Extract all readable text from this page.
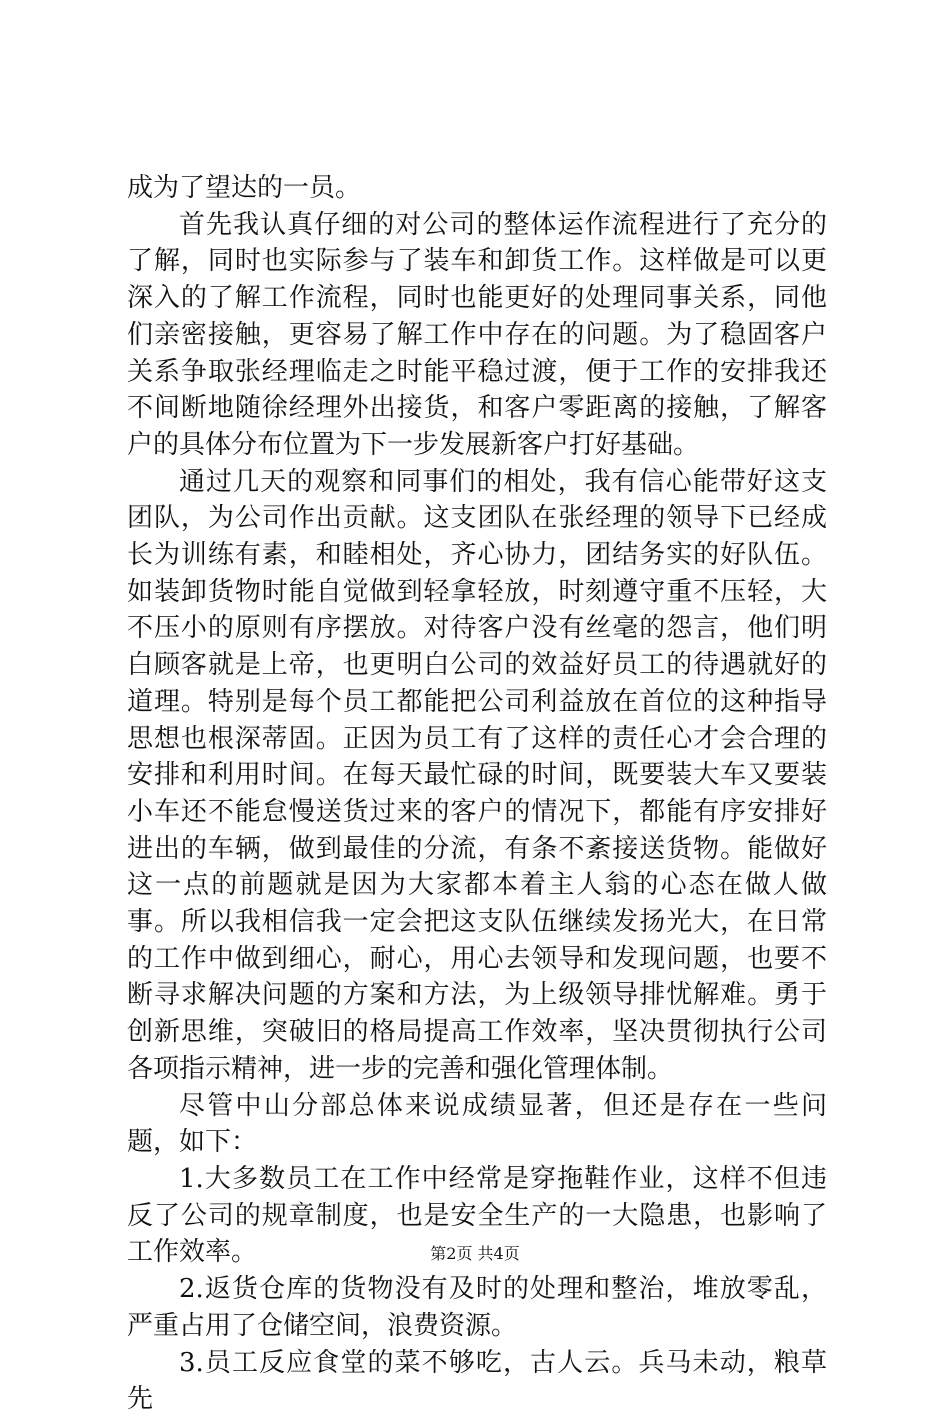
成为了望达的一员。

首先我认真仔细的对公司的整体运作流程进行了充分的了解，同时也实际参与了装车和卸货工作。这样做是可以更深入的了解工作流程，同时也能更好的处理同事关系，同他们亲密接触，更容易了解工作中存在的问题。为了稳固客户关系争取张经理临走之时能平稳过渡，便于工作的安排我还不间断地随徐经理外出接货，和客户零距离的接触，了解客户的具体分布位置为下一步发展新客户打好基础。

通过几天的观察和同事们的相处，我有信心能带好这支团队，为公司作出贡献。这支团队在张经理的领导下已经成长为训练有素，和睦相处，齐心协力，团结务实的好队伍。如装卸货物时能自觉做到轻拿轻放，时刻遵守重不压轻，大不压小的原则有序摆放。对待客户没有丝毫的怨言，他们明白顾客就是上帝，也更明白公司的效益好员工的待遇就好的道理。特别是每个员工都能把公司利益放在首位的这种指导思想也根深蒂固。正因为员工有了这样的责任心才会合理的安排和利用时间。在每天最忙碌的时间，既要装大车又要装小车还不能怠慢送货过来的客户的情况下，都能有序安排好进出的车辆，做到最佳的分流，有条不紊接送货物。能做好这一点的前题就是因为大家都本着主人翁的心态在做人做事。所以我相信我一定会把这支队伍继续发扬光大，在日常的工作中做到细心，耐心，用心去领导和发现问题，也要不断寻求解决问题的方案和方法，为上级领导排忧解难。勇于创新思维，突破旧的格局提高工作效率，坚决贯彻执行公司各项指示精神，进一步的完善和强化管理体制。

尽管中山分部总体来说成绩显著，但还是存在一些问题，如下：

1.大多数员工在工作中经常是穿拖鞋作业，这样不但违反了公司的规章制度，也是安全生产的一大隐患，也影响了工作效率。

2.返货仓库的货物没有及时的处理和整治，堆放零乱，严重占用了仓储空间，浪费资源。

3.员工反应食堂的菜不够吃，古人云。兵马未动，粮草先

第2页 共4页
